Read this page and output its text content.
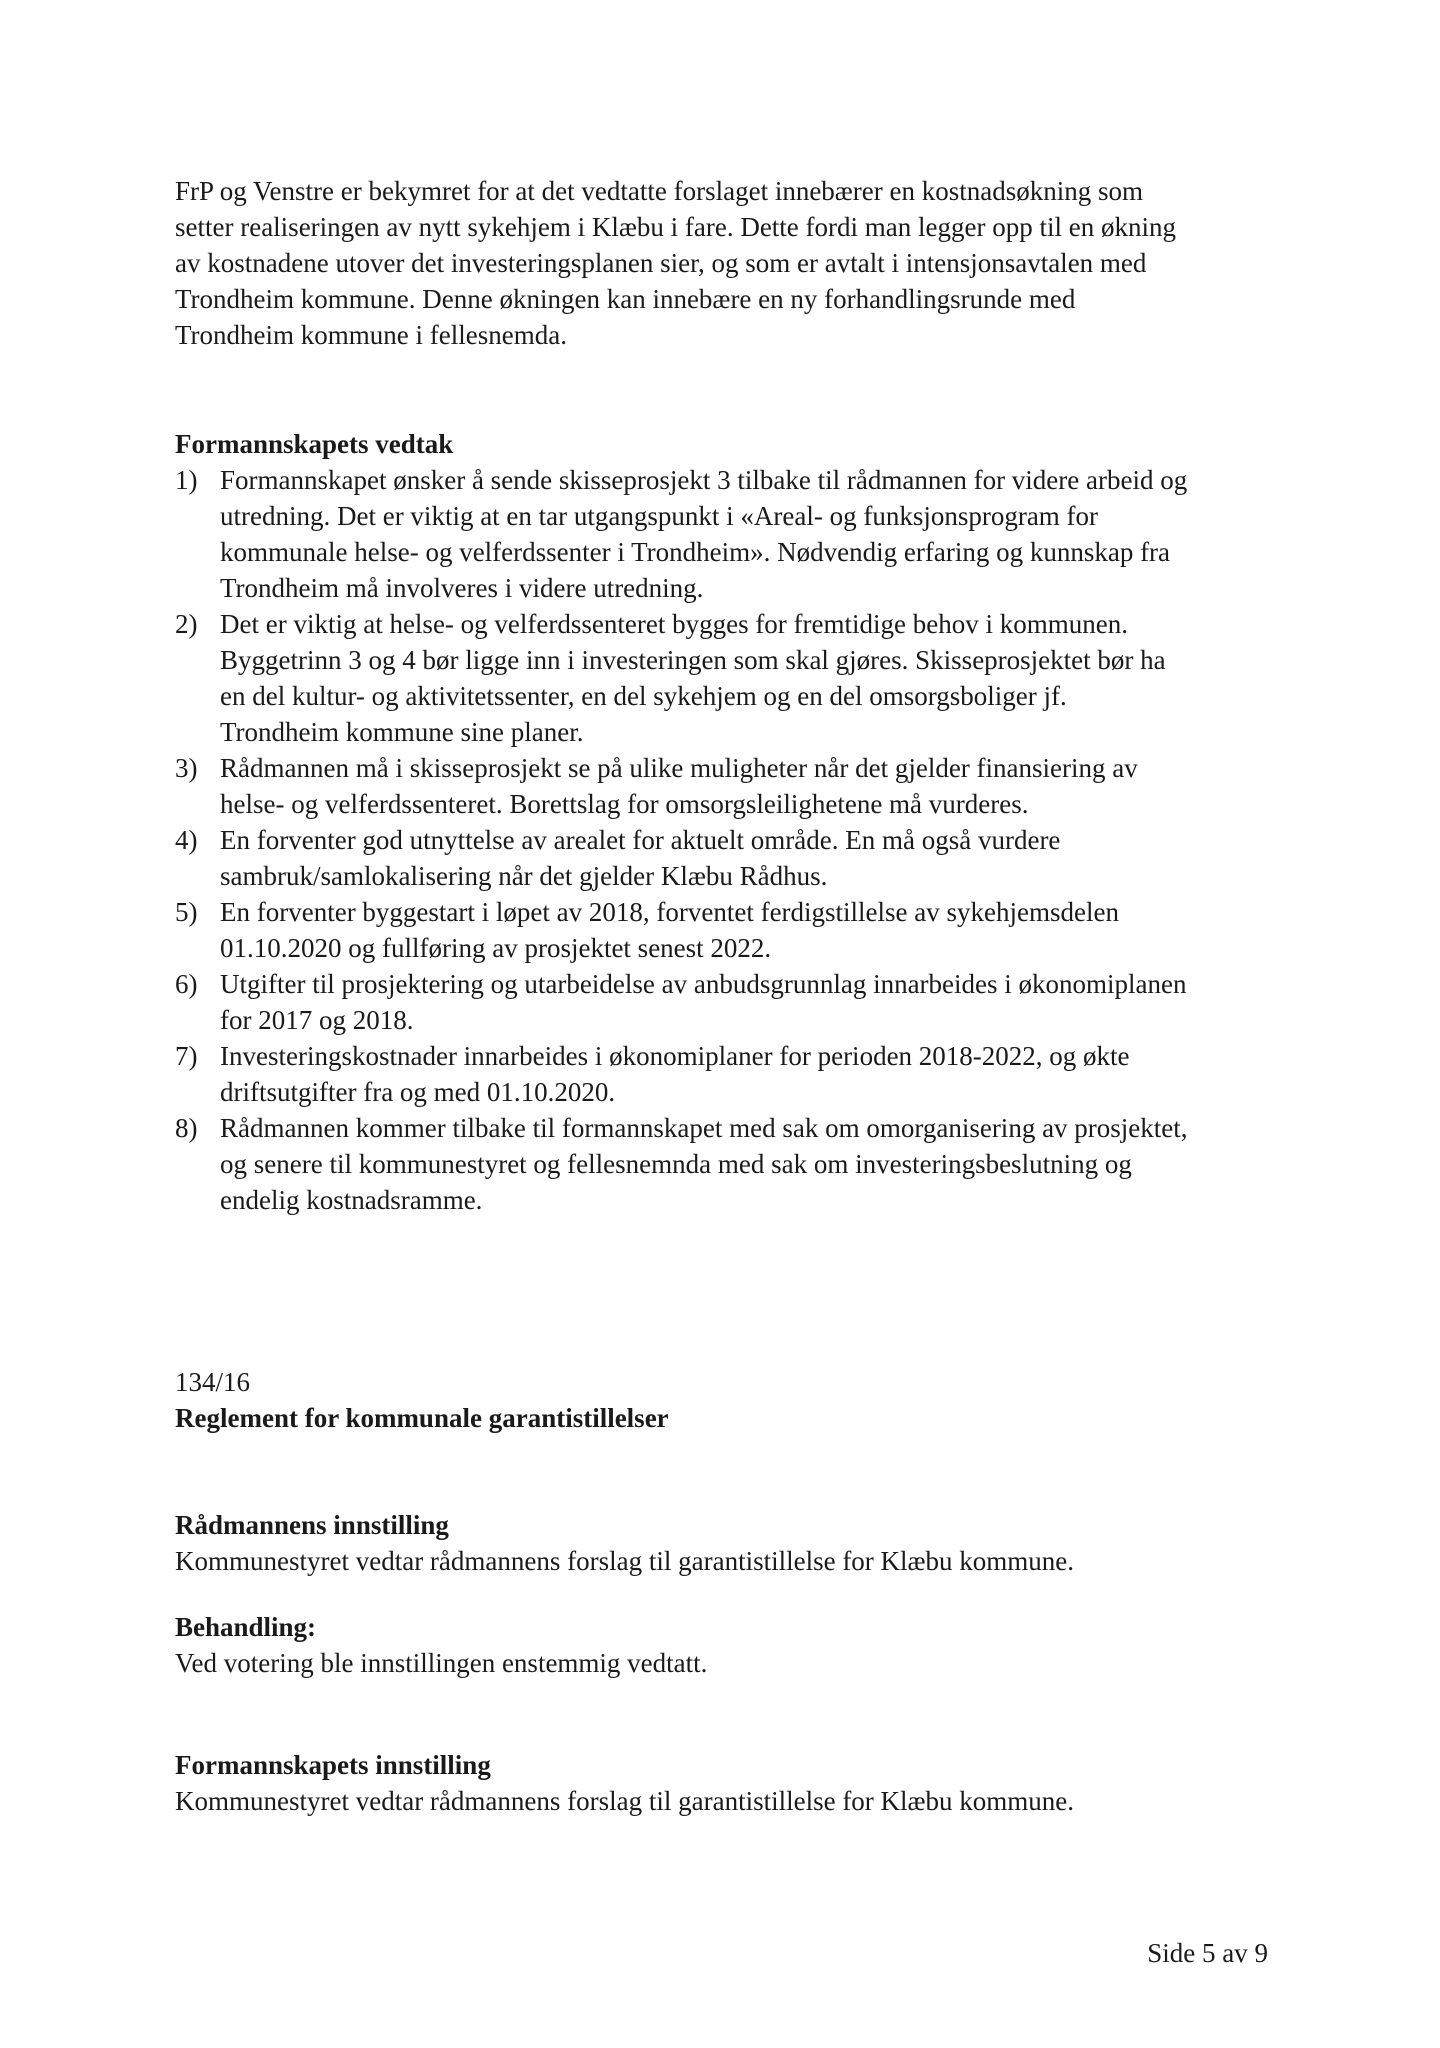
FrP og Venstre er bekymret for at det vedtatte forslaget innebærer en kostnadsøkning som
setter realiseringen av nytt sykehjem i Klæbu i fare. Dette fordi man legger opp til en økning
av kostnadene utover det investeringsplanen sier, og som er avtalt i intensjonsavtalen med
Trondheim kommune. Denne økningen kan innebære en ny forhandlingsrunde med
Trondheim kommune i fellesnemda.

Formannskapets vedtak

1) Formannskapet ønsker å sende skisseprosjekt 3 tilbake til rådmannen for videre arbeid og
utredning. Det er viktig at en tar utgangspunkt i «Areal- og funksjonsprogram for
kommunale helse- og velferdssenter i Trondheim». Nødvendig erfaring og kunnskap fra
Trondheim må involveres i videre utredning.
2) Det er viktig at helse- og velferdssenteret bygges for fremtidige behov i kommunen.
Byggetrinn 3 og 4 bør ligge inn i investeringen som skal gjøres. Skisseprosjektet bør ha
en del kultur- og aktivitetssenter, en del sykehjem og en del omsorgsboliger jf.
Trondheim kommune sine planer.
3) Rådmannen må i skisseprosjekt se på ulike muligheter når det gjelder finansiering av
helse- og velferdssenteret. Borettslag for omsorgsleilighetene må vurderes.
4) En forventer god utnyttelse av arealet for aktuelt område. En må også vurdere
sambruk/samlokalisering når det gjelder Klæbu Rådhus.
5) En forventer byggestart i løpet av 2018, forventet ferdigstillelse av sykehjemsdelen
01.10.2020 og fullføring av prosjektet senest 2022.
6) Utgifter til prosjektering og utarbeidelse av anbudsgrunnlag innarbeides i økonomiplanen
for 2017 og 2018.
7) Investeringskostnader innarbeides i økonomiplaner for perioden 2018-2022, og økte
driftsutgifter fra og med 01.10.2020.
8) Rådmannen kommer tilbake til formannskapet med sak om omorganisering av prosjektet,
og senere til kommunestyret og fellesnemnda med sak om investeringsbeslutning og
endelig kostnadsramme.

134/16

Reglement for kommunale garantistillelser

Rådmannens innstilling

Kommunestyret vedtar rådmannens forslag til garantistillelse for Klæbu kommune.

Behandling:

Ved votering ble innstillingen enstemmig vedtatt.

Formannskapets innstilling

Kommunestyret vedtar rådmannens forslag til garantistillelse for Klæbu kommune.

Side 5 av 9
